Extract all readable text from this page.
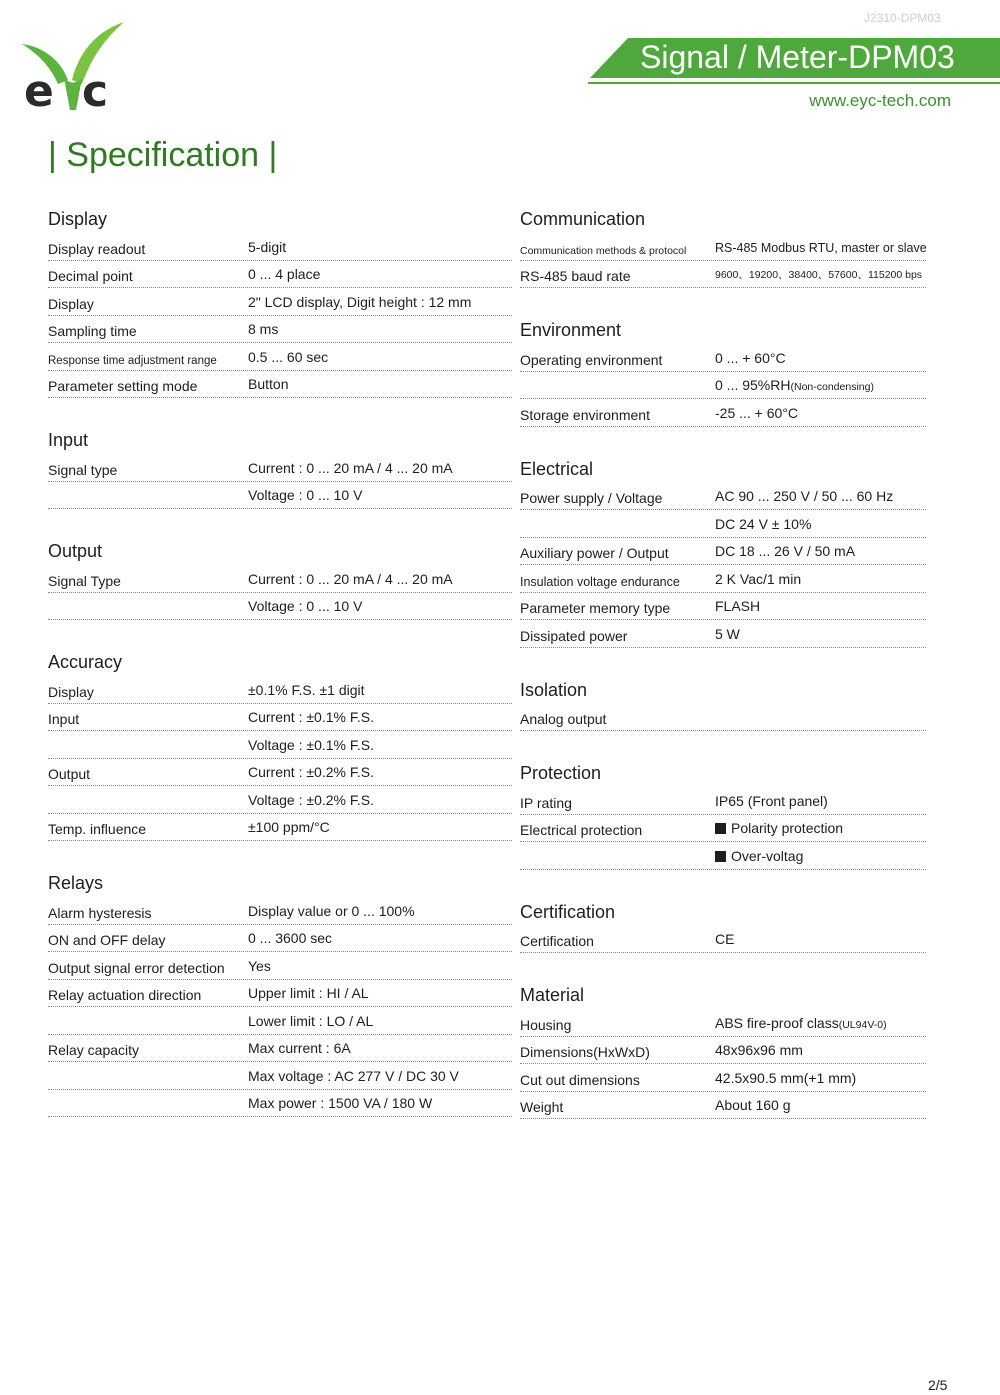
J2310-DPM03
e c
Signal / Meter-DPM03
www.eyc-tech.com
| Specification |
Display
Display readout	5-digit
Decimal point	0 ... 4 place
Display	2" LCD display, Digit height : 12 mm
Sampling time	8 ms
Response time adjustment range 0.5 ... 60 sec
Parameter setting mode	Button
Input
Signal type	Current : 0 ... 20 mA / 4 ... 20 mA
Voltage : 0 ... 10 V
Output
Signal Type	Current : 0 ... 20 mA / 4 ... 20 mA
Voltage : 0 ... 10 V
Accuracy
Display	±0.1% F.S. ±1 digit
Input	Current : ±0.1% F.S.
Voltage : ±0.1% F.S.
Output	Current : ±0.2% F.S.
Voltage : ±0.2% F.S.
Temp. influence	±100 ppm/°C
Relays
Alarm hysteresis	Display value or 0 ... 100%
ON and OFF delay	0 ... 3600 sec
Output signal error detection Yes
Relay actuation direction	Upper limit : HI / AL
Lower limit : LO / AL
Relay capacity	Max current : 6A
Max voltage : AC 277 V / DC 30 V
Max power : 1500 VA / 180 W
Communication
Communication methods & protocol RS-485 Modbus RTU, master or slave
RS-485 baud rate	9600、19200、38400、57600、115200 bps
Environment
Operating environment	0 ... + 60°C
0 ... 95%RH(Non-condensing)
Storage environment	-25 ... + 60°C
Electrical
Power supply / Voltage	AC 90 ... 250 V / 50 ... 60 Hz
DC 24 V ± 10%
Auxiliary power / Output	DC 18 ... 26 V / 50 mA
Insulation voltage endurance	2 K Vac/1 min
Parameter memory type	FLASH
Dissipated power	5 W
Isolation
Analog output
Protection
IP rating	IP65 (Front panel)
Electrical protection	Polarity protection
Over-voltag
Certification
Certification	CE
Material
Housing	ABS fire-proof class(UL94V-0)
Dimensions(HxWxD)	48x96x96 mm
Cut out dimensions	42.5x90.5 mm(+1 mm)
Weight	About 160 g
2/5
